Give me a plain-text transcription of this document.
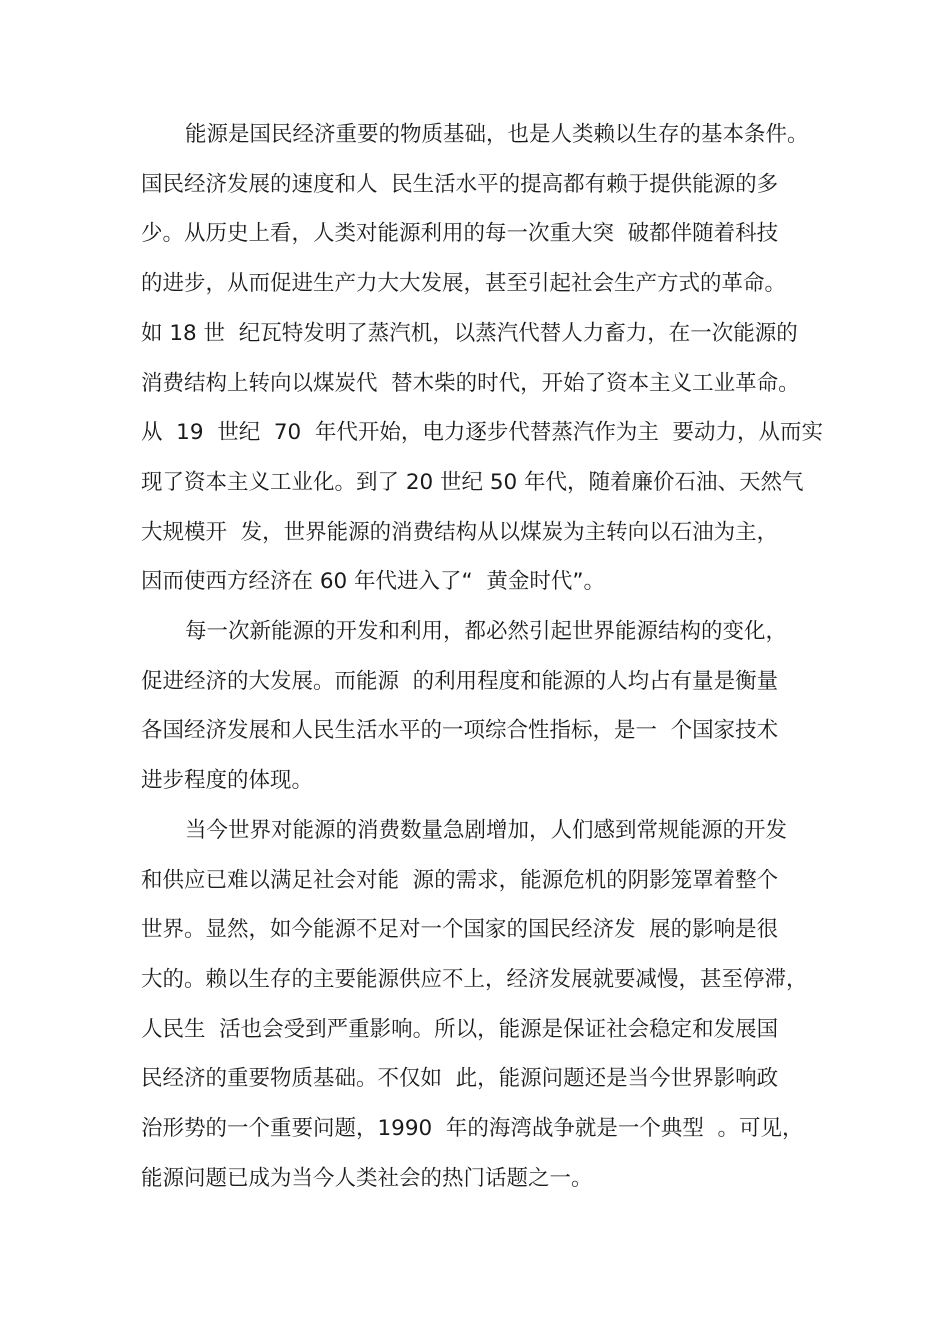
能源是国民经济重要的物质基础，也是人类赖以生存的基本条件。
国民经济发展的速度和人  民生活水平的提高都有赖于提供能源的多
少。从历史上看，人类对能源利用的每一次重大突  破都伴随着科技
的进步，从而促进生产力大大发展，甚至引起社会生产方式的革命。
如 18 世  纪瓦特发明了蒸汽机，以蒸汽代替人力畜力，在一次能源的
消费结构上转向以煤炭代  替木柴的时代，开始了资本主义工业革命。
从  19  世纪  70  年代开始，电力逐步代替蒸汽作为主  要动力，从而实
现了资本主义工业化。到了 20 世纪 50 年代，随着廉价石油、天然气
大规模开  发，世界能源的消费结构从以煤炭为主转向以石油为主，
因而使西方经济在 60 年代进入了“  黄金时代”。
每一次新能源的开发和利用，都必然引起世界能源结构的变化，
促进经济的大发展。而能源  的利用程度和能源的人均占有量是衡量
各国经济发展和人民生活水平的一项综合性指标，是一  个国家技术
进步程度的体现。
当今世界对能源的消费数量急剧增加，人们感到常规能源的开发
和供应已难以满足社会对能  源的需求，能源危机的阴影笼罩着整个
世界。显然，如今能源不足对一个国家的国民经济发  展的影响是很
大的。赖以生存的主要能源供应不上，经济发展就要减慢，甚至停滞，
人民生  活也会受到严重影响。所以，能源是保证社会稳定和发展国
民经济的重要物质基础。不仅如  此，能源问题还是当今世界影响政
治形势的一个重要问题，1990  年的海湾战争就是一个典型  。可见，
能源问题已成为当今人类社会的热门话题之一。
